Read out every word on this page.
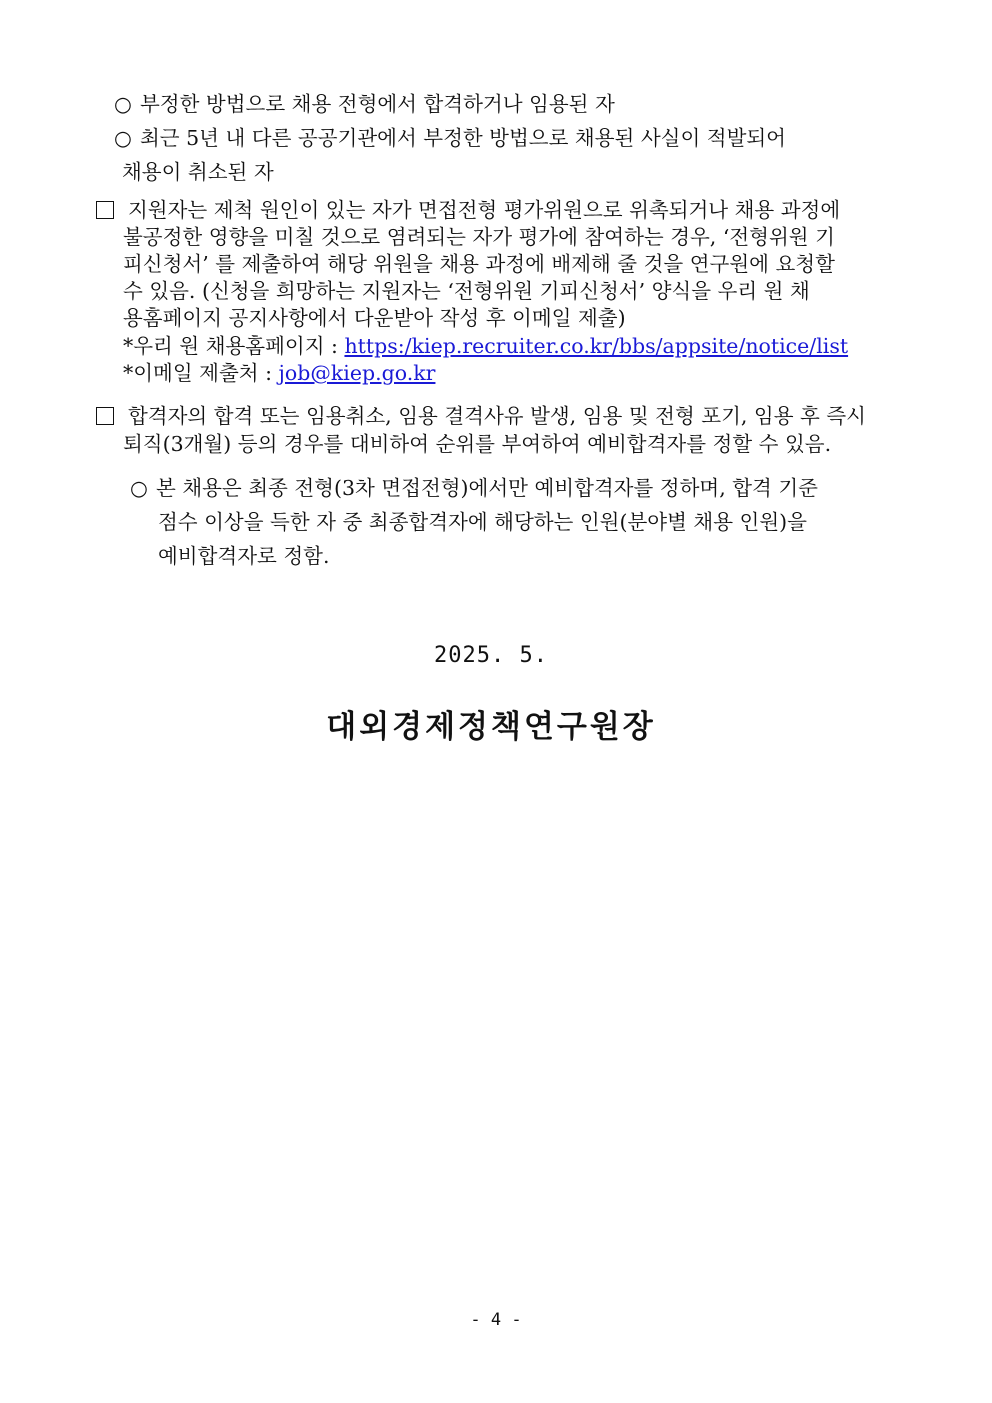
○ 부정한 방법으로 채용 전형에서 합격하거나 임용된 자
○ 최근 5년 내 다른 공공기관에서 부정한 방법으로 채용된 사실이 적발되어
채용이 취소된 자
지원자는 제척 원인이 있는 자가 면접전형 평가위원으로 위촉되거나 채용 과정에
불공정한 영향을 미칠 것으로 염려되는 자가 평가에 참여하는 경우, ‘전형위원 기
피신청서’ 를 제출하여 해당 위원을 채용 과정에 배제해 줄 것을 연구원에 요청할
수 있음. (신청을 희망하는 지원자는 ‘전형위원 기피신청서’ 양식을 우리 원 채
용홈페이지 공지사항에서 다운받아 작성 후 이메일 제출)
*우리 원 채용홈페이지 : https:/kiep.recruiter.co.kr/bbs/appsite/notice/list
*이메일 제출처 : job@kiep.go.kr
합격자의 합격 또는 임용취소, 임용 결격사유 발생, 임용 및 전형 포기, 임용 후 즉시
퇴직(3개월) 등의 경우를 대비하여 순위를 부여하여 예비합격자를 정할 수 있음.
○ 본 채용은 최종 전형(3차 면접전형)에서만 예비합격자를 정하며, 합격 기준
점수 이상을 득한 자 중 최종합격자에 해당하는 인원(분야별 채용 인원)을
예비합격자로 정함.
2025. 5.
대외경제정책연구원장
- 4 -
